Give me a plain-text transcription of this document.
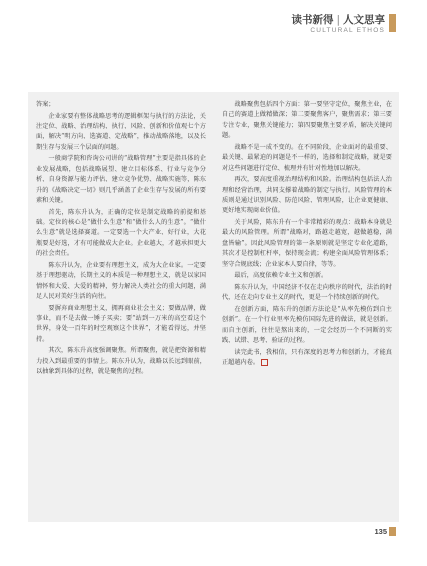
读书新得 | 人文思享
CULTURAL ETHOS

答案；

企业家要有整体战略思考的逻辑框架与执行的方法论，关注定位、战略、治理结构、执行、风险、创新和价值观七个方面，解决“明方向、选赛道、定战略”，推动战略落地，以及长期生存与发展三个层面的问题。

一般商学院和咨询公司讲的“战略管理”主要是指具体的企业发展战略，包括战略展望、建立目标体系、行业与竞争分析、自身资源与能力评估、建立竞争优势、战略实施等，陈东升的《战略决定一切》则几乎涵盖了企业生存与发展的所有要素和关键。

首先，陈东升认为，正确的定位是制定战略的前提和基础。定位的核心是“做什么生意”和“做什么人的生意”。“做什么生意”就是选择赛道。一定要选一个大产业、好行业，大花瓶要是好选，才有可能做成大企业。企业越大，才越承担更大的社会责任。

陈东升认为，企业要有理想主义，成为大企业家。一定要基于理想驱动，长期主义的本质是一种理想主义，就是以家国情怀和大爱、大爱的精神，努力解决人类社会的重大问题，满足人民对美好生活的向往。

要摒弃商业理想主义，拥再商业社会主义；要做品牌，做事业，而不是去做一锤子买卖；要“站到一万米的高空看这个世界，身处一百年的时空观察这个世界”，才能看得远，并坚持。

其次，陈东升高度强调聚焦。所谓聚焦，就是把资源和精力投入到最重要的事情上。陈东升认为，战略以长远到眼前，以抽象到具体的过程，就是聚焦的过程。

战略聚焦包括四个方面：第一要坚守定位，聚焦主业，在自己的赛道上做精做深；第二要聚焦客户，聚焦需求；第三要专注专业，聚焦关键能力；第四要聚焦主要矛盾，解决关键问题。

战略不是一成不变的。在不同阶段，企业面对的最重要、最关键、最紧迫的问题是不一样的，选择和制定战略，就是要对这些问题进行定位、梳理并有针对性地加以解决。

再次，要高度重视治理结构和风险。治理结构包括法人治理和经营治理，共同支撑着战略的制定与执行。风险管理的本质则是通过识别风险、防范风险、管理风险，让企业更健康、更好地实现商业价值。

关于风险，陈东升有一个非常精彩的观点：战略本身就是最大的风险管理。所谓“战略对，路越走越宽，越做越稳，满盘皆输”。因此风险管理的第一条原则就是坚定专业化道路，其次才是控制杠杆率，保持现金流；构建全面风险管理体系；坚守合规底线；企业家本人要自律，等等。

最后，高度依赖专业主义和创新。

陈东升认为，中国经济不仅在走向秩序的时代，法治的时代，还在走向专业主义的时代，更是一个持续创新的时代。

在创新方面，陈东升的创新方法论是“从率先模仿到自主创新”。在一个行业里率先模仿国际先进的做法，就是创新。而自主创新，往往是熬出来的，一定会经历一个不同断的实践、试错、思考、验证的过程。

读完此书，我相信，只有深度的思考力和创新力，才能真正超越内卷。

135
